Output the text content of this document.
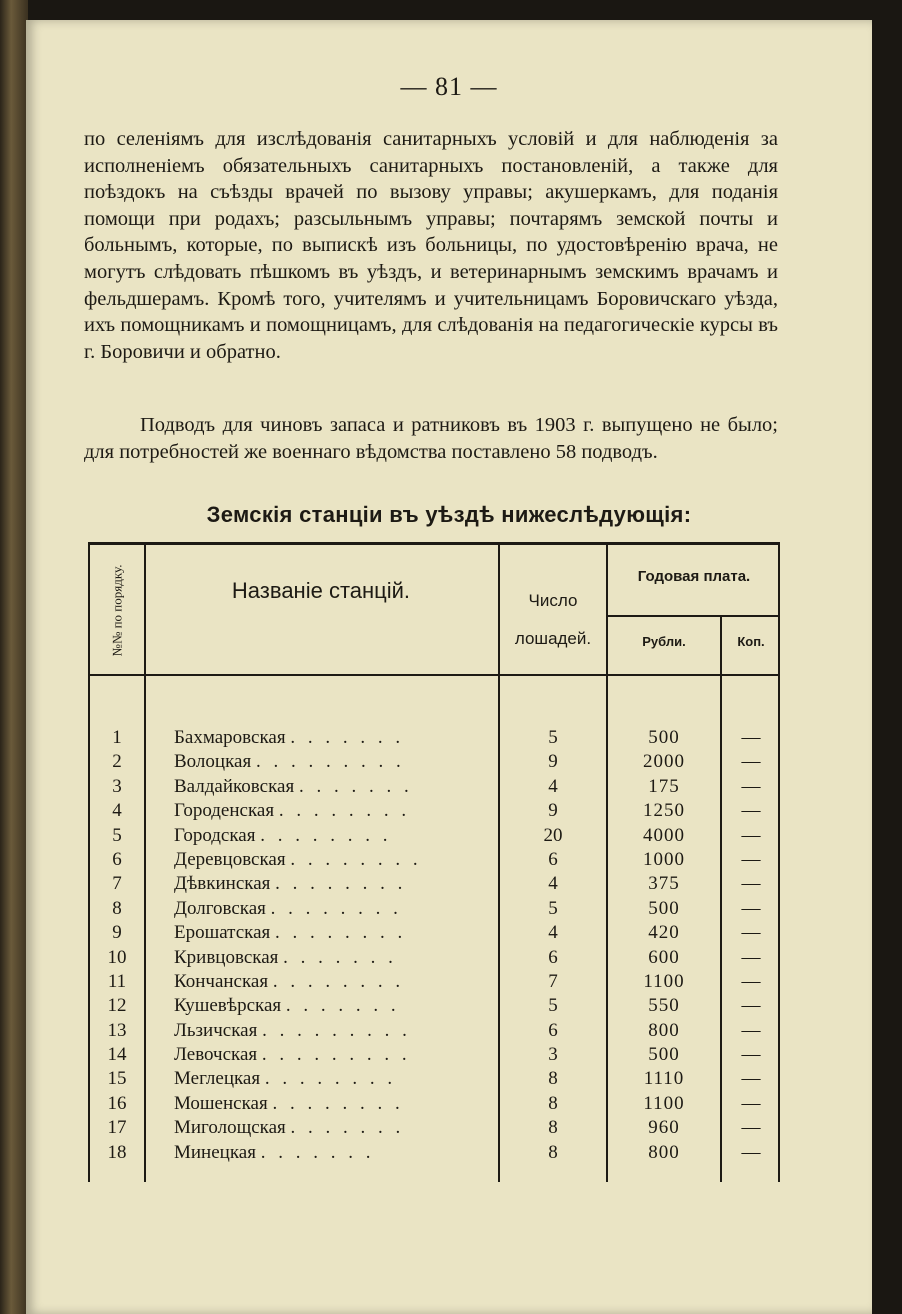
— 81 —

по селеніямъ для изслѣдованія санитарныхъ условій и для наблюденія за исполненіемъ обязательныхъ санитарныхъ постановленій, а также для поѣздокъ на съѣзды врачей по вызову управы; акушеркамъ, для поданія помощи при родахъ; разсыльнымъ управы; почтарямъ земской почты и больнымъ, которые, по выпискѣ изъ больницы, по удостовѣренію врача, не могутъ слѣдовать пѣшкомъ въ уѣздъ, и ветеринарнымъ земскимъ врачамъ и фельдшерамъ. Кромѣ того, учителямъ и учительницамъ Боровичскаго уѣзда, ихъ помощникамъ и помощницамъ, для слѣдованія на педагогическіе курсы въ г. Боровичи и обратно.

Подводъ для чиновъ запаса и ратниковъ въ 1903 г. выпущено не было; для потребностей же военнаго вѣдомства поставлено 58 подводъ.

Земскія станціи въ уѣздѣ нижеслѣдующія:
№№ по порядку.	Названіе станцій.	Число лошадей.
Годовая плата.
Рубли.	Коп.
1	Бахмаровская . . . . . . .	5	500	—
2	Волоцкая . . . . . . . . .	9	2000	—
3	Валдайковская . . . . . . .	4	175	—
4	Городенская . . . . . . . .	9	1250	—
5	Городская . . . . . . . .	20	4000	—
6	Деревцовская . . . . . . . .	6	1000	—
7	Дѣвкинская . . . . . . . .	4	375	—
8	Долговская . . . . . . . .	5	500	—
9	Ерошатская . . . . . . . .	4	420	—
10	Кривцовская . . . . . . .	6	600	—
11	Кончанская . . . . . . . .	7	1100	—
12	Кушевѣрская . . . . . . .	5	550	—
13	Льзичская . . . . . . . . .	6	800	—
14	Левочская . . . . . . . . .	3	500	—
15	Меглецкая . . . . . . . .	8	1110	—
16	Мошенская . . . . . . . .	8	1100	—
17	Миголощская . . . . . . .	8	960	—
18	Минецкая . . . . . . .	8	800	—
